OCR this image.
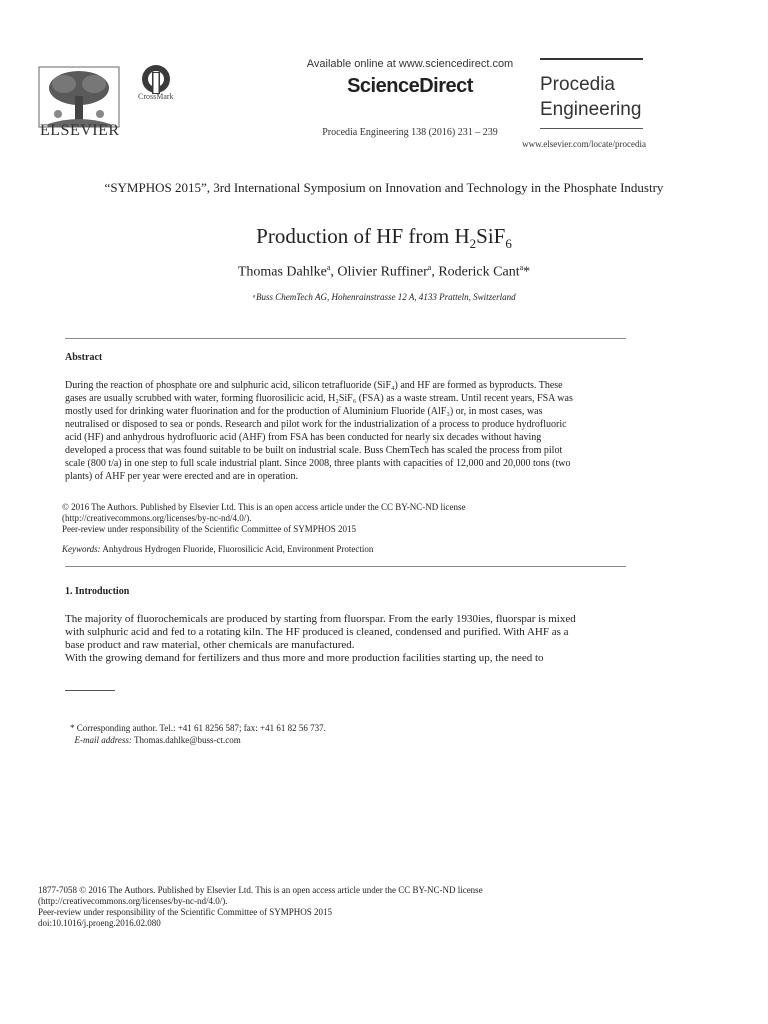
ELSEVIER
CrossMark
Available online at www.sciencedirect.com
ScienceDirect
Procedia Engineering 138 (2016) 231 – 239
Procedia
Engineering
www.elsevier.com/locate/procedia
“SYMPHOS 2015”, 3rd International Symposium on Innovation and Technology in the Phosphate Industry
Production of HF from $H_2SiF_6$
Thomas Dahlke$^a$, Olivier Ruffiner$^a$, Roderick Cant$^a$*
ᵃBuss ChemTech AG, Hohenrainstrasse 12 A, 4133 Pratteln, Switzerland
Abstract
During the reaction of phosphate ore and sulphuric acid, silicon tetrafluoride (SiF₄) and HF are formed as byproducts. These
gases are usually scrubbed with water, forming fluorosilicic acid, H₂SiF₆ (FSA) as a waste stream. Until recent years, FSA was
mostly used for drinking water fluorination and for the production of Aluminium Fluoride (AlF₃) or, in most cases, was
neutralised or disposed to sea or ponds. Research and pilot work for the industrialization of a process to produce hydrofluoric
acid (HF) and anhydrous hydrofluoric acid (AHF) from FSA has been conducted for nearly six decades without having
developed a process that was found suitable to be built on industrial scale. Buss ChemTech has scaled the process from pilot
scale (800 t/a) in one step to full scale industrial plant. Since 2008, three plants with capacities of 12,000 and 20,000 tons (two
plants) of AHF per year were erected and are in operation.
© 2016 The Authors. Published by Elsevier Ltd. This is an open access article under the CC BY-NC-ND license
(http://creativecommons.org/licenses/by-nc-nd/4.0/).
Peer-review under responsibility of the Scientific Committee of SYMPHOS 2015
Keywords: Anhydrous Hydrogen Fluoride, Fluorosilicic Acid, Environment Protection
1. Introduction
The majority of fluorochemicals are produced by starting from fluorspar. From the early 1930ies, fluorspar is mixed
with sulphuric acid and fed to a rotating kiln. The HF produced is cleaned, condensed and purified. With AHF as a
base product and raw material, other chemicals are manufactured.
With the growing demand for fertilizers and thus more and more production facilities starting up, the need to
* Corresponding author. Tel.: +41 61 8256 587; fax: +41 61 82 56 737.
E-mail address: Thomas.dahlke@buss-ct.com
1877-7058 © 2016 The Authors. Published by Elsevier Ltd. This is an open access article under the CC BY-NC-ND license
(http://creativecommons.org/licenses/by-nc-nd/4.0/).
Peer-review under responsibility of the Scientific Committee of SYMPHOS 2015
doi:10.1016/j.proeng.2016.02.080
